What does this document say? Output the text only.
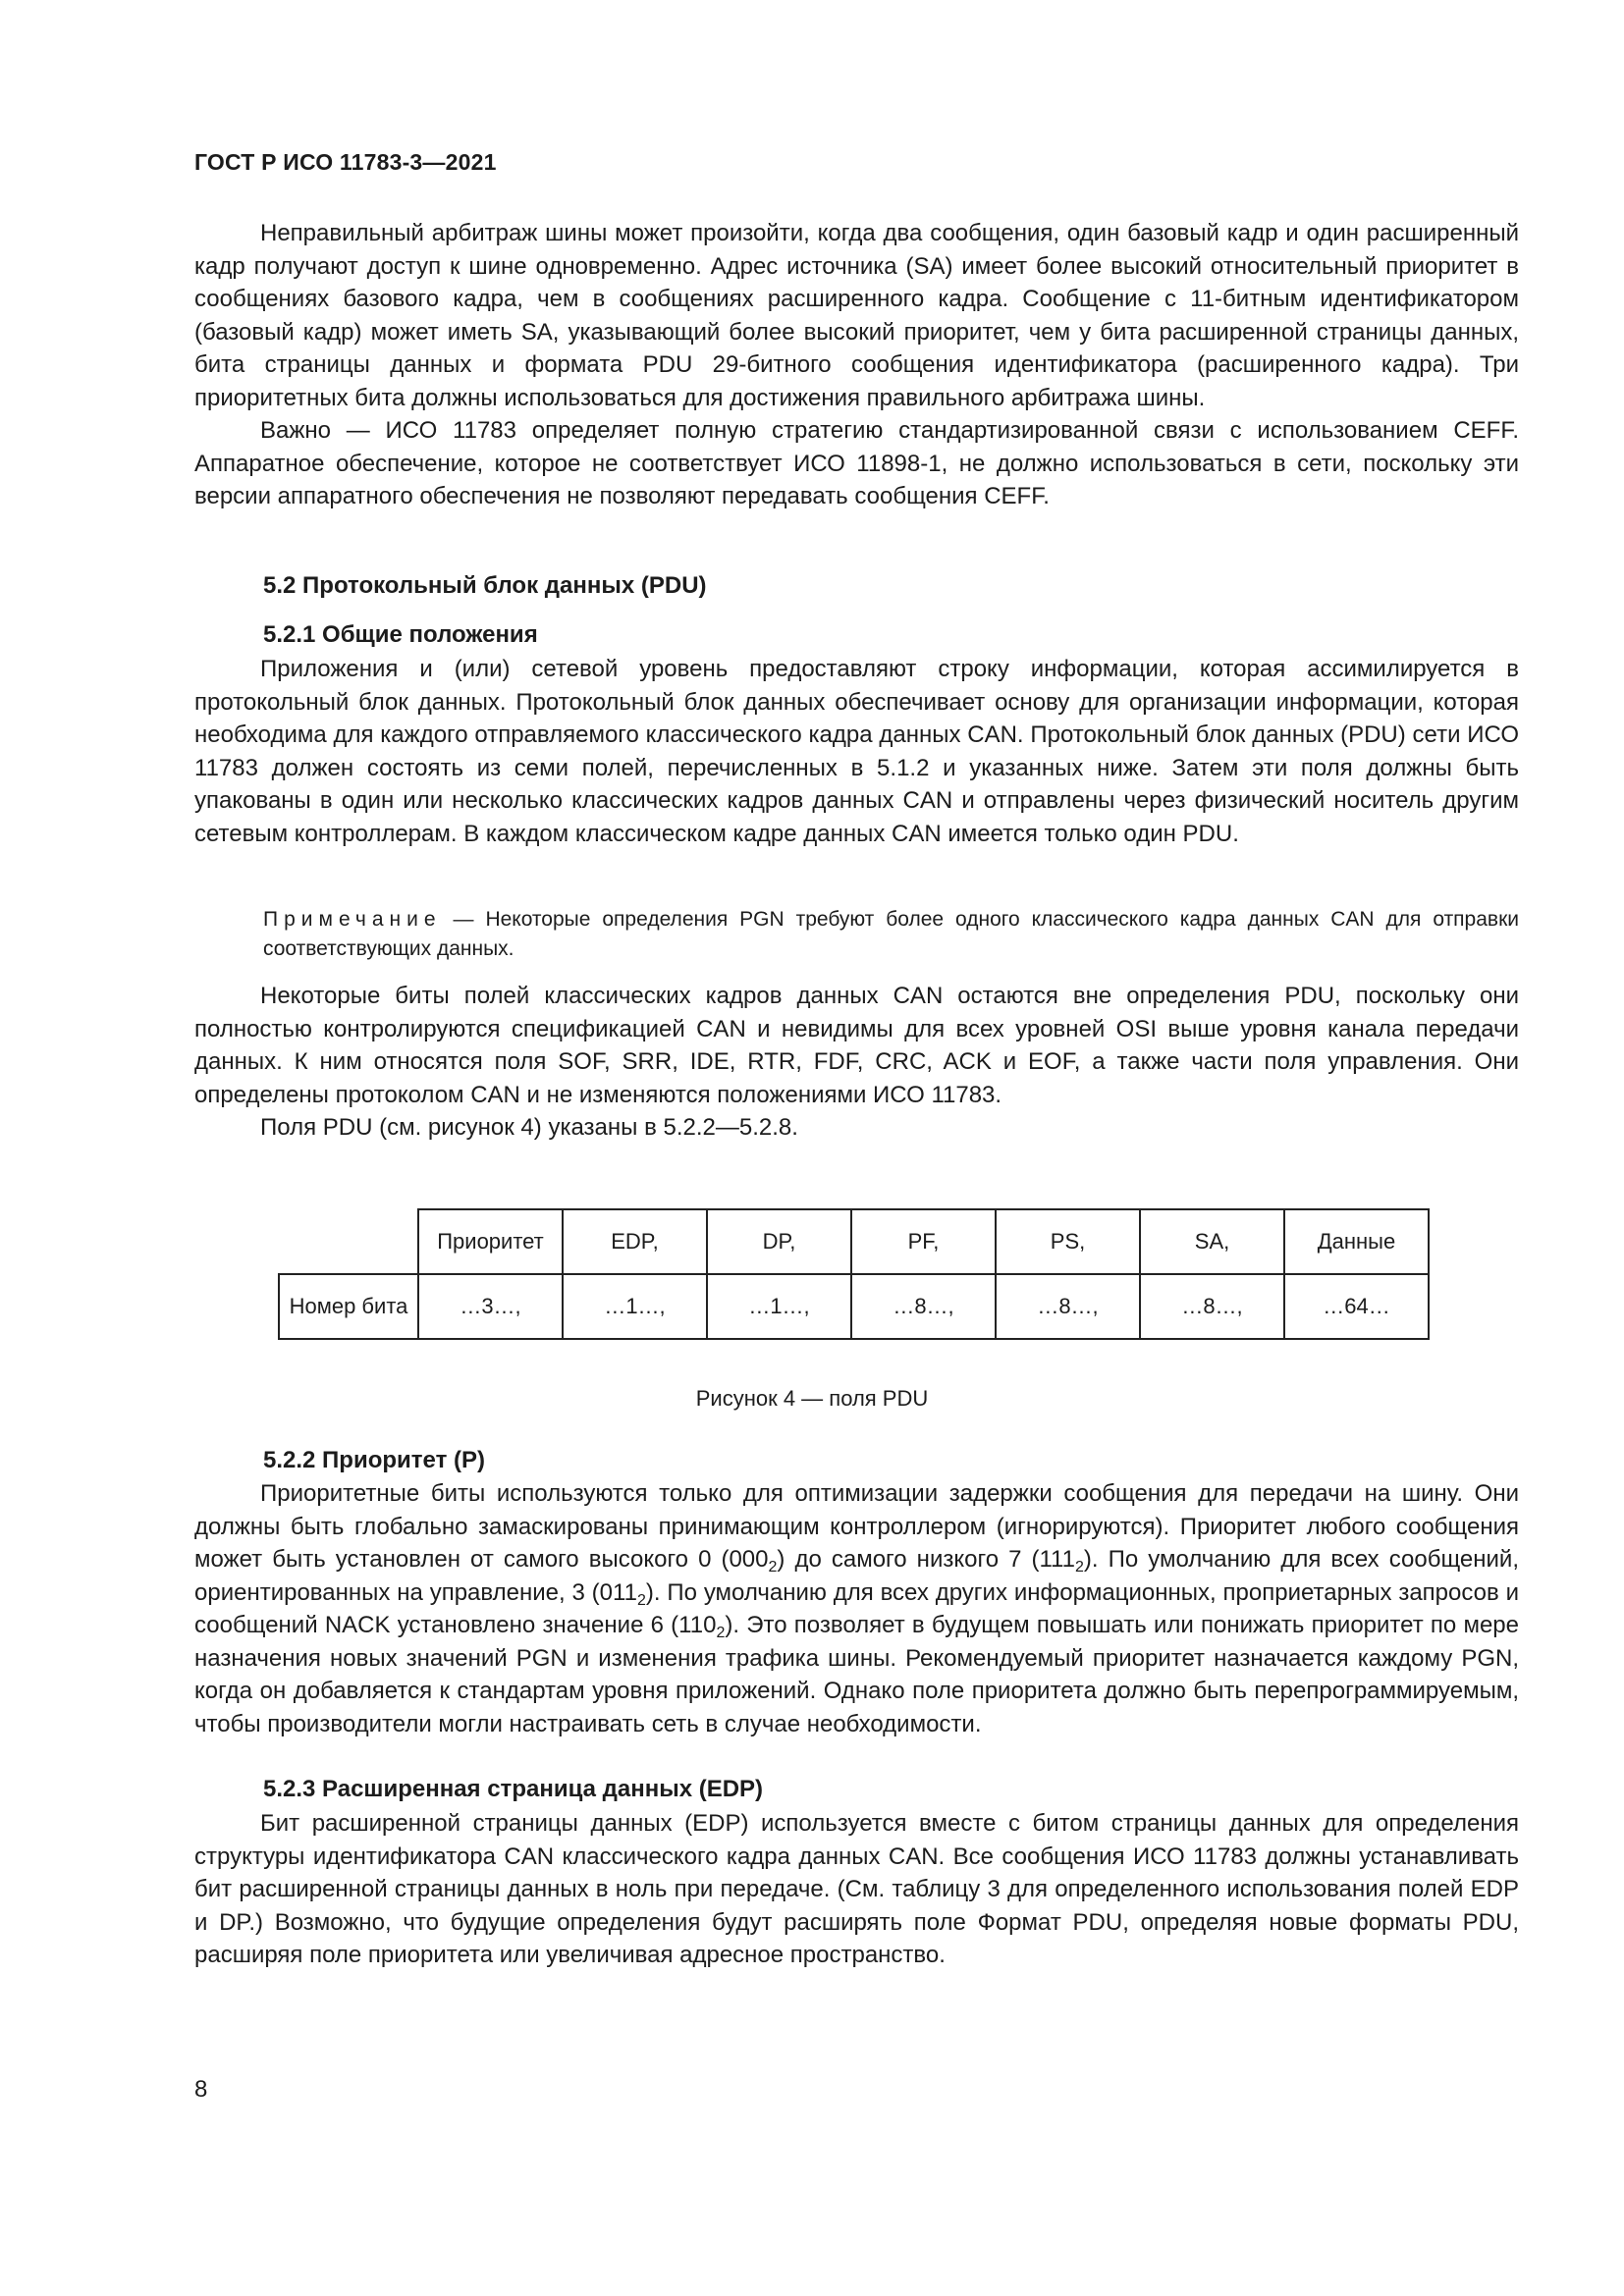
ГОСТ Р ИСО 11783-3—2021

Неправильный арбитраж шины может произойти, когда два сообщения, один базовый кадр и один расширенный кадр получают доступ к шине одновременно. Адрес источника (SA) имеет более высокий относительный приоритет в сообщениях базового кадра, чем в сообщениях расширенного кадра. Сообщение с 11-битным идентификатором (базовый кадр) может иметь SA, указывающий более высокий приоритет, чем у бита расширенной страницы данных, бита страницы данных и формата PDU 29-битного сообщения идентификатора (расширенного кадра). Три приоритетных бита должны использоваться для достижения правильного арбитража шины.

Важно — ИСО 11783 определяет полную стратегию стандартизированной связи с использованием CEFF. Аппаратное обеспечение, которое не соответствует ИСО 11898-1, не должно использоваться в сети, поскольку эти версии аппаратного обеспечения не позволяют передавать сообщения CEFF.

5.2 Протокольный блок данных (PDU)
5.2.1 Общие положения

Приложения и (или) сетевой уровень предоставляют строку информации, которая ассимилируется в протокольный блок данных. Протокольный блок данных обеспечивает основу для организации информации, которая необходима для каждого отправляемого классического кадра данных CAN. Протокольный блок данных (PDU) сети ИСО 11783 должен состоять из семи полей, перечисленных в 5.1.2 и указанных ниже. Затем эти поля должны быть упакованы в один или несколько классических кадров данных CAN и отправлены через физический носитель другим сетевым контроллерам. В каждом классическом кадре данных CAN имеется только один PDU.

Примечание — Некоторые определения PGN требуют более одного классического кадра данных CAN для отправки соответствующих данных.

Некоторые биты полей классических кадров данных CAN остаются вне определения PDU, поскольку они полностью контролируются спецификацией CAN и невидимы для всех уровней OSI выше уровня канала передачи данных. К ним относятся поля SOF, SRR, IDE, RTR, FDF, CRC, ACK и EOF, а также части поля управления. Они определены протоколом CAN и не изменяются положениями ИСО 11783.

Поля PDU (см. рисунок 4) указаны в 5.2.2—5.2.8.

	Приоритет	EDP,	DP,	PF,	PS,	SA,	Данные
Номер бита	…3…,	…1…,	…1…,	…8…,	…8…,	…8…,	…64…
Рисунок 4 — поля PDU
5.2.2 Приоритет (P)

Приоритетные биты используются только для оптимизации задержки сообщения для передачи на шину. Они должны быть глобально замаскированы принимающим контроллером (игнорируются). Приоритет любого сообщения может быть установлен от самого высокого 0 $(000_2)$ до самого низкого 7 $(111_2)$. По умолчанию для всех сообщений, ориентированных на управление, 3 $(011_2)$. По умолчанию для всех других информационных, проприетарных запросов и сообщений NACK установлено значение 6 $(110_2)$. Это позволяет в будущем повышать или понижать приоритет по мере назначения новых значений PGN и изменения трафика шины. Рекомендуемый приоритет назначается каждому PGN, когда он добавляется к стандартам уровня приложений. Однако поле приоритета должно быть перепрограммируемым, чтобы производители могли настраивать сеть в случае необходимости.

5.2.3 Расширенная страница данных (EDP)

Бит расширенной страницы данных (EDP) используется вместе с битом страницы данных для определения структуры идентификатора CAN классического кадра данных CAN. Все сообщения ИСО 11783 должны устанавливать бит расширенной страницы данных в ноль при передаче. (См. таблицу 3 для определенного использования полей EDP и DP.) Возможно, что будущие определения будут расширять поле Формат PDU, определяя новые форматы PDU, расширяя поле приоритета или увеличивая адресное пространство.

8
